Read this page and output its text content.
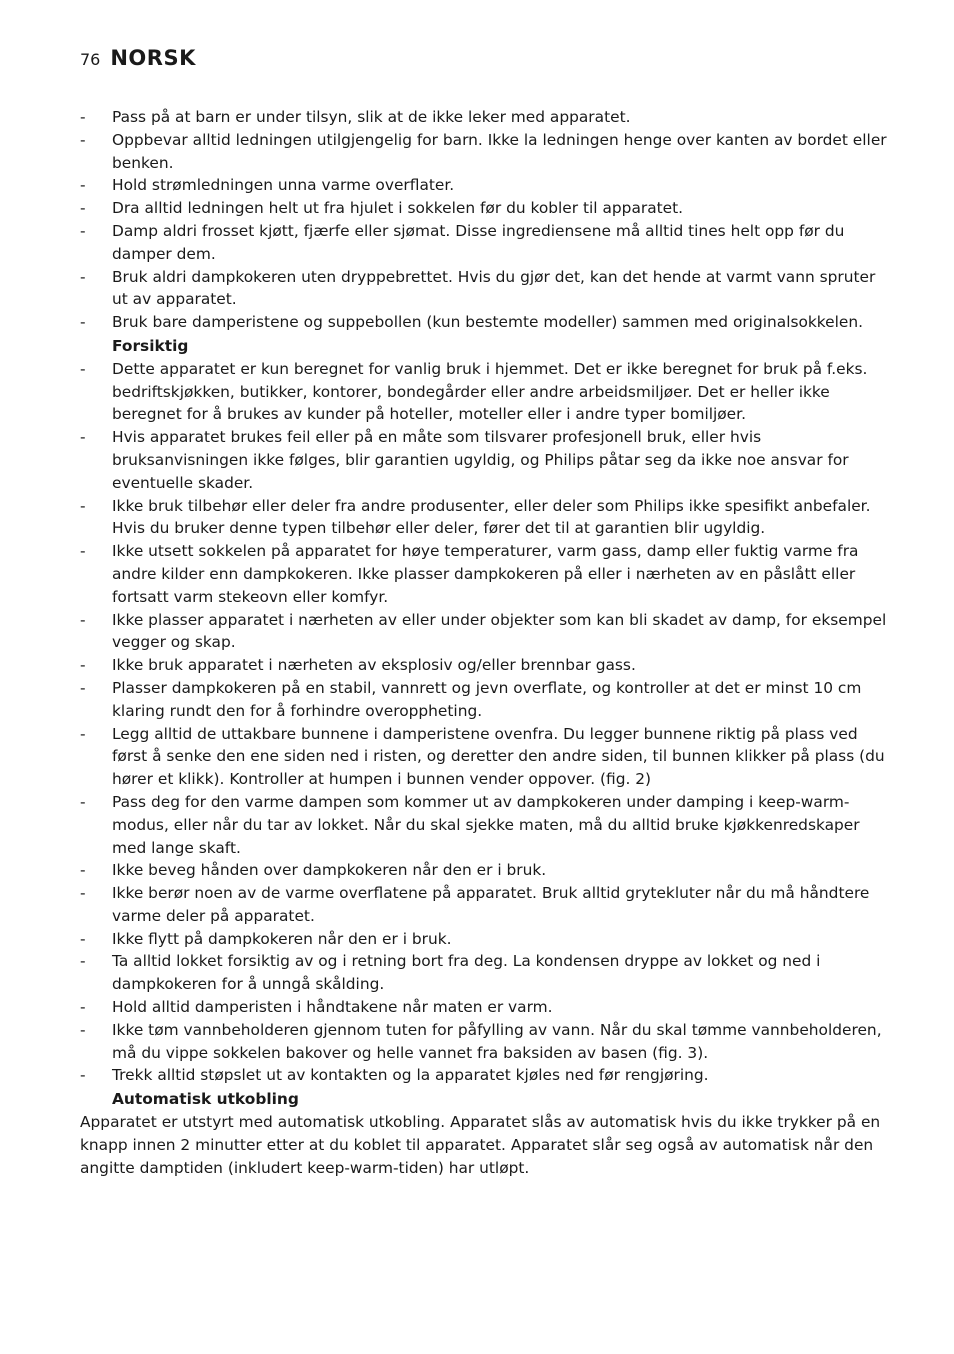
76 NORSK
- Pass på at barn er under tilsyn, slik at de ikke leker med apparatet.
- Oppbevar alltid ledningen utilgjengelig for barn. Ikke la ledningen henge over kanten av bordet eller benken.
- Hold strømledningen unna varme overflater.
- Dra alltid ledningen helt ut fra hjulet i sokkelen før du kobler til apparatet.
- Damp aldri frosset kjøtt, fjærfe eller sjømat. Disse ingrediensene må alltid tines helt opp før du damper dem.
- Bruk aldri dampkokeren uten dryppebrettet. Hvis du gjør det, kan det hende at varmt vann spruter ut av apparatet.
- Bruk bare damperistene og suppebollen (kun bestemte modeller) sammen med originalsokkelen.
Forsiktig
- Dette apparatet er kun beregnet for vanlig bruk i hjemmet. Det er ikke beregnet for bruk på f.eks. bedriftskjøkken, butikker, kontorer, bondegårder eller andre arbeidsmiljøer. Det er heller ikke beregnet for å brukes av kunder på hoteller, moteller eller i andre typer bomiljøer.
- Hvis apparatet brukes feil eller på en måte som tilsvarer profesjonell bruk, eller hvis bruksanvisningen ikke følges, blir garantien ugyldig, og Philips påtar seg da ikke noe ansvar for eventuelle skader.
- Ikke bruk tilbehør eller deler fra andre produsenter, eller deler som Philips ikke spesifikt anbefaler. Hvis du bruker denne typen tilbehør eller deler, fører det til at garantien blir ugyldig.
- Ikke utsett sokkelen på apparatet for høye temperaturer, varm gass, damp eller fuktig varme fra andre kilder enn dampkokeren. Ikke plasser dampkokeren på eller i nærheten av en påslått eller fortsatt varm stekeovn eller komfyr.
- Ikke plasser apparatet i nærheten av eller under objekter som kan bli skadet av damp, for eksempel vegger og skap.
- Ikke bruk apparatet i nærheten av eksplosiv og/eller brennbar gass.
- Plasser dampkokeren på en stabil, vannrett og jevn overflate, og kontroller at det er minst 10 cm klaring rundt den for å forhindre overoppheting.
- Legg alltid de uttakbare bunnene i damperistene ovenfra. Du legger bunnene riktig på plass ved først å senke den ene siden ned i risten, og deretter den andre siden, til bunnen klikker på plass (du hører et klikk). Kontroller at humpen i bunnen vender oppover. (fig. 2)
- Pass deg for den varme dampen som kommer ut av dampkokeren under damping i keep-warm-modus, eller når du tar av lokket. Når du skal sjekke maten, må du alltid bruke kjøkkenredskaper med lange skaft.
- Ikke beveg hånden over dampkokeren når den er i bruk.
- Ikke berør noen av de varme overflatene på apparatet. Bruk alltid grytekluter når du må håndtere varme deler på apparatet.
- Ikke flytt på dampkokeren når den er i bruk.
- Ta alltid lokket forsiktig av og i retning bort fra deg. La kondensen dryppe av lokket og ned i dampkokeren for å unngå skålding.
- Hold alltid damperisten i håndtakene når maten er varm.
- Ikke tøm vannbeholderen gjennom tuten for påfylling av vann. Når du skal tømme vannbeholderen, må du vippe sokkelen bakover og helle vannet fra baksiden av basen (fig. 3).
- Trekk alltid støpslet ut av kontakten og la apparatet kjøles ned før rengjøring.
Automatisk utkobling

Apparatet er utstyrt med automatisk utkobling. Apparatet slås av automatisk hvis du ikke trykker på en knapp innen 2 minutter etter at du koblet til apparatet. Apparatet slår seg også av automatisk når den angitte damptiden (inkludert keep-warm-tiden) har utløpt.
